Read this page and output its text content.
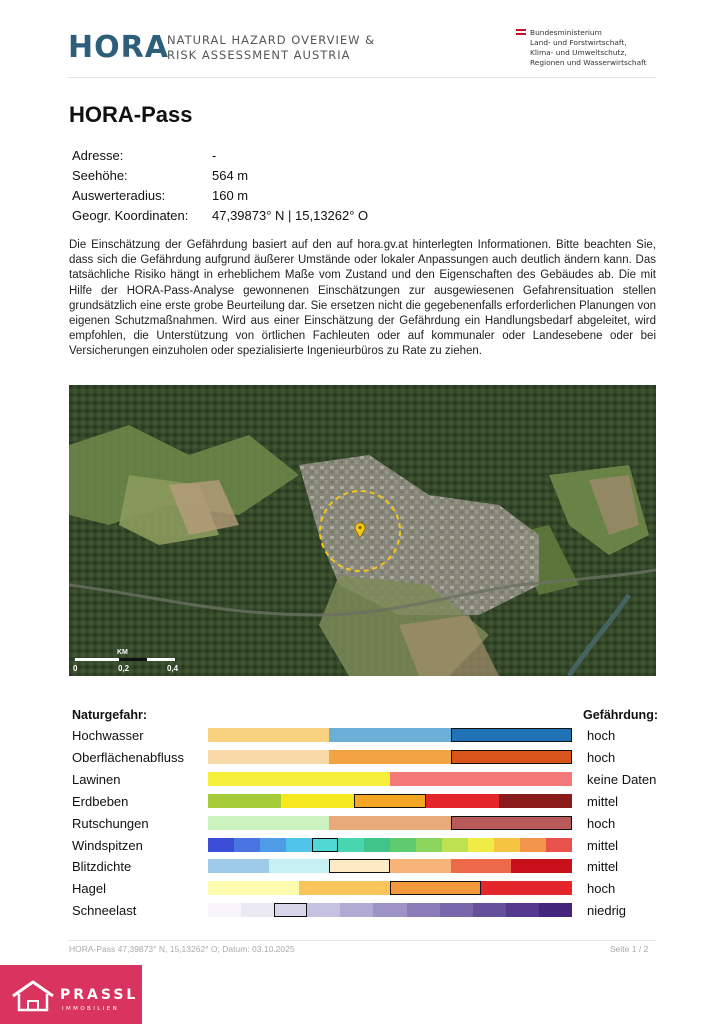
HORA
NATURAL HAZARD OVERVIEW &
RISK ASSESSMENT AUSTRIA
Bundesministerium
Land- und Forstwirtschaft,
Klima- und Umweltschutz,
Regionen und Wasserwirtschaft
HORA-Pass
Adresse:	-
Seehöhe:	564 m
Auswerteradius:	160 m
Geogr. Koordinaten:	47,39873° N | 15,13262° O

Die Einschätzung der Gefährdung basiert auf den auf hora.gv.at hinterlegten Informationen. Bitte beachten Sie, dass sich die Gefährdung aufgrund äußerer Umstände oder lokaler Anpassungen auch deutlich ändern kann. Das tatsächliche Risiko hängt in erheblichem Maße vom Zustand und den Eigenschaften des Gebäudes ab. Die mit Hilfe der HORA-Pass-Analyse gewonnenen Einschätzungen zur ausgewiesenen Gefahrensituation stellen grundsätzlich eine erste grobe Beurteilung dar. Sie ersetzen nicht die gegebenenfalls erforderlichen Planungen von eigenen Schutzmaßnahmen. Wird aus einer Einschätzung der Gefährdung ein Handlungsbedarf abgeleitet, wird empfohlen, die Unterstützung von örtlichen Fachleuten oder auf kommunaler oder Landesebene oder bei Versicherungen einzuholen oder spezialisierte Ingenieurbüros zu Rate zu ziehen.

KM
0	0,2	0,4
Naturgefahr:	Gefährdung:
Hochwasser	hoch
Oberflächenabfluss	hoch
Lawinen	keine Daten
Erdbeben	mittel
Rutschungen	hoch
Windspitzen	mittel
Blitzdichte	mittel
Hagel	hoch
Schneelast	niedrig
HORA-Pass 47,39873° N, 15,13262° O; Datum: 03.10.2025	Seite 1 / 2
PRASSL
IMMOBILIEN
